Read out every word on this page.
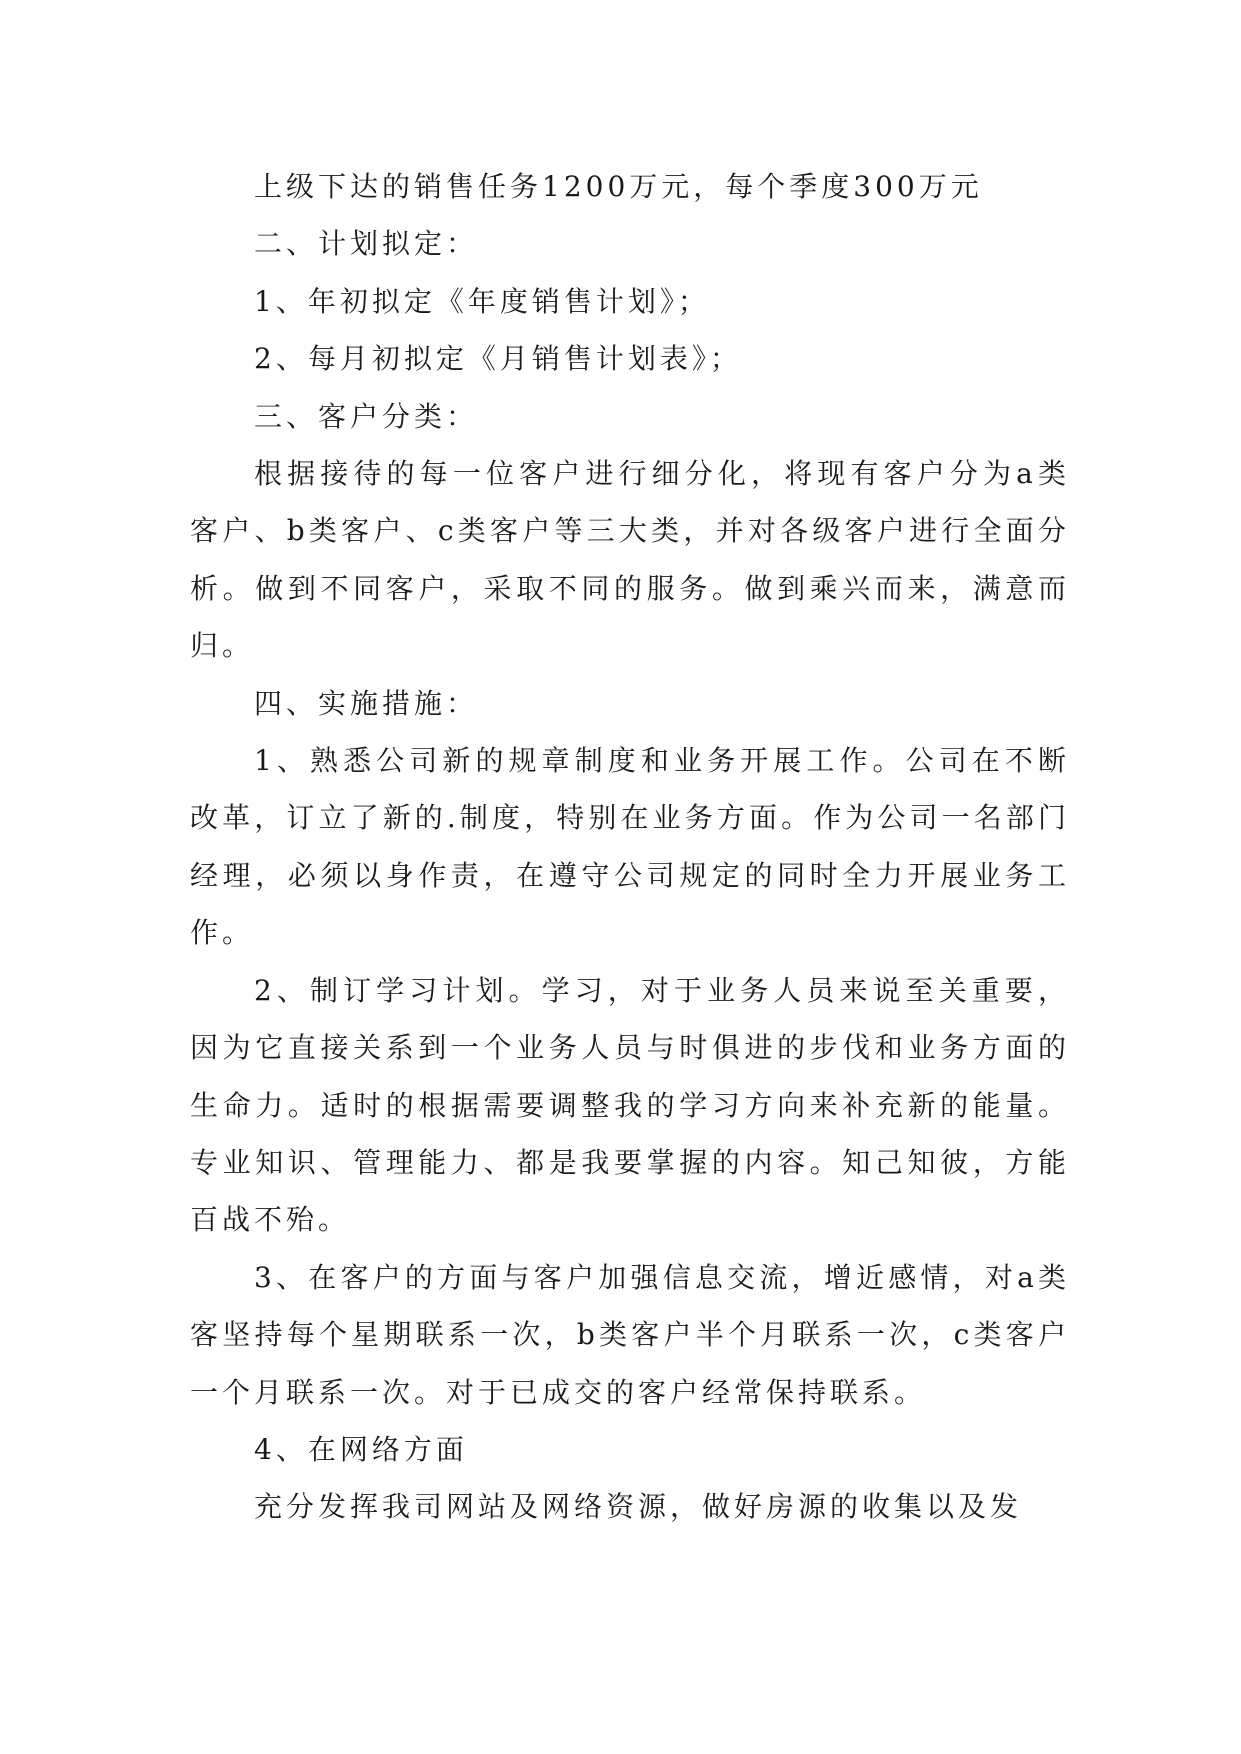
上级下达的销售任务1200万元，每个季度300万元

二、计划拟定：

1、年初拟定《年度销售计划》；

2、每月初拟定《月销售计划表》；

三、客户分类：

根据接待的每一位客户进行细分化，将现有客户分为a类客户、b类客户、c类客户等三大类，并对各级客户进行全面分析。做到不同客户，采取不同的服务。做到乘兴而来，满意而归。

四、实施措施：

1、熟悉公司新的规章制度和业务开展工作。公司在不断改革，订立了新的.制度，特别在业务方面。作为公司一名部门经理，必须以身作责，在遵守公司规定的同时全力开展业务工作。

2、制订学习计划。学习，对于业务人员来说至关重要，因为它直接关系到一个业务人员与时俱进的步伐和业务方面的生命力。适时的根据需要调整我的学习方向来补充新的能量。专业知识、管理能力、都是我要掌握的内容。知己知彼，方能百战不殆。

3、在客户的方面与客户加强信息交流，增近感情，对a类客坚持每个星期联系一次，b类客户半个月联系一次，c类客户一个月联系一次。对于已成交的客户经常保持联系。

4、在网络方面

充分发挥我司网站及网络资源，做好房源的收集以及发
